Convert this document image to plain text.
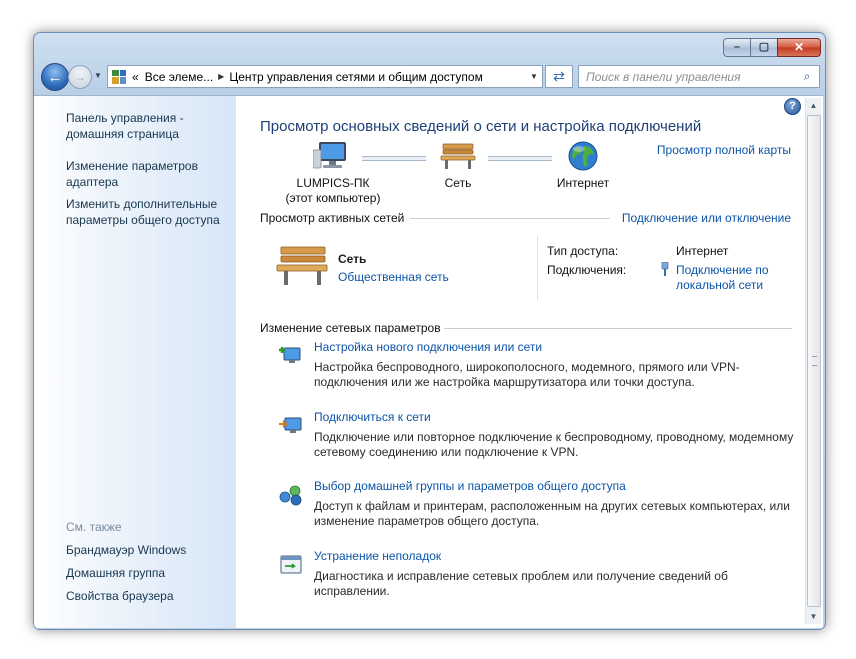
– ▢ ✕
← → ▼	« Все элеме... ▶ Центр управления сетями и общим доступом	▼ ⇄ Поиск в панели управления	⌕
Панель управления - домашняя страница
Изменение параметров адаптера
Изменить дополнительные параметры общего доступа
См. также
Брандмауэр Windows
Домашняя группа
Свойства браузера
Просмотр основных сведений о сети и настройка подключений
Просмотр полной карты
LUMPICS-ПК
(этот компьютер)
Сеть	Интернет
Просмотр активных сетей	Подключение или отключение
Сеть
Общественная сеть
Тип доступа:	Интернет
Подключения:	Подключение по локальной сети
Изменение сетевых параметров
Настройка нового подключения или сети
Настройка беспроводного, широкополосного, модемного, прямого или VPN-подключения или же настройка маршрутизатора или точки доступа.
Подключиться к сети
Подключение или повторное подключение к беспроводному, проводному, модемному сетевому соединению или подключение к VPN.
Выбор домашней группы и параметров общего доступа
Доступ к файлам и принтерам, расположенным на других сетевых компьютерах, или изменение параметров общего доступа.
Устранение неполадок
Диагностика и исправление сетевых проблем или получение сведений об исправлении.
?	▲
▼
